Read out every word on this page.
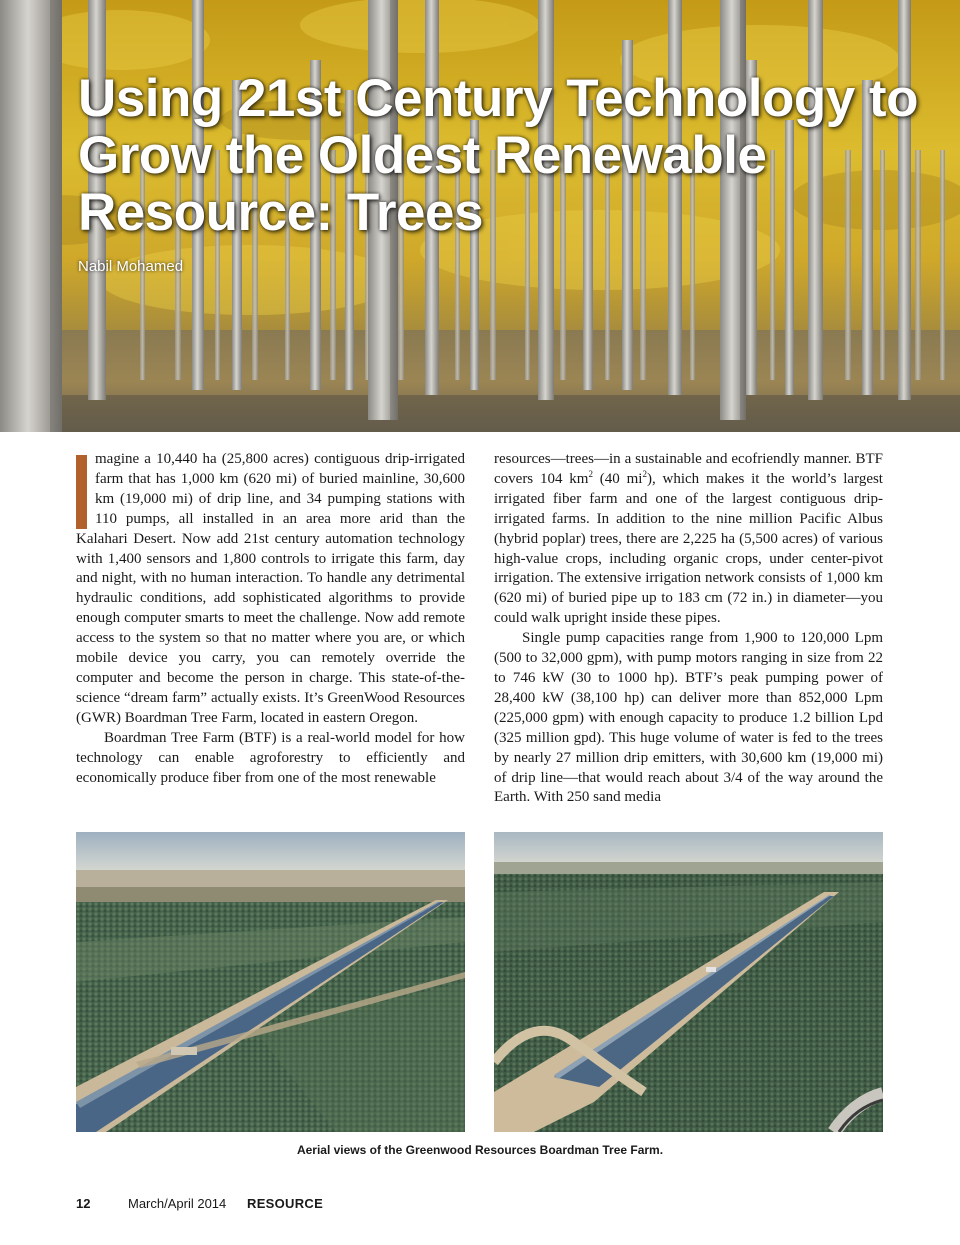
Using 21st Century Technology to Grow the Oldest Renewable Resource: Trees
Nabil Mohamed

magine a 10,440 ha (25,800 acres) contiguous drip-irrigated farm that has 1,000 km (620 mi) of buried mainline, 30,600 km (19,000 mi) of drip line, and 34 pumping stations with 110 pumps, all installed in an area more arid than the Kalahari Desert. Now add 21st century automation technology with 1,400 sensors and 1,800 controls to irrigate this farm, day and night, with no human interaction. To handle any detrimental hydraulic conditions, add sophisticated algorithms to provide enough computer smarts to meet the challenge. Now add remote access to the system so that no matter where you are, or which mobile device you carry, you can remotely override the computer and become the person in charge. This state-of-the-science “dream farm” actually exists. It’s GreenWood Resources (GWR) Boardman Tree Farm, located in eastern Oregon.

Boardman Tree Farm (BTF) is a real-world model for how technology can enable agroforestry to efficiently and economically produce fiber from one of the most renewable

resources—trees—in a sustainable and ecofriendly manner. BTF covers 104 $km^2$ (40 $mi^2$), which makes it the world’s largest irrigated fiber farm and one of the largest contiguous drip-irrigated farms. In addition to the nine million Pacific Albus (hybrid poplar) trees, there are 2,225 ha (5,500 acres) of various high-value crops, including organic crops, under center-pivot irrigation. The extensive irrigation network consists of 1,000 km (620 mi) of buried pipe up to 183 cm (72 in.) in diameter—you could walk upright inside these pipes.

Single pump capacities range from 1,900 to 120,000 Lpm (500 to 32,000 gpm), with pump motors ranging in size from 22 to 746 kW (30 to 1000 hp). BTF’s peak pumping power of 28,400 kW (38,100 hp) can deliver more than 852,000 Lpm (225,000 gpm) with enough capacity to produce 1.2 billion Lpd (325 million gpd). This huge volume of water is fed to the trees by nearly 27 million drip emitters, with 30,600 km (19,000 mi) of drip line—that would reach about 3/4 of the way around the Earth. With 250 sand media

Aerial views of the Greenwood Resources Boardman Tree Farm.
12	March/April 2014	RESOURCE
